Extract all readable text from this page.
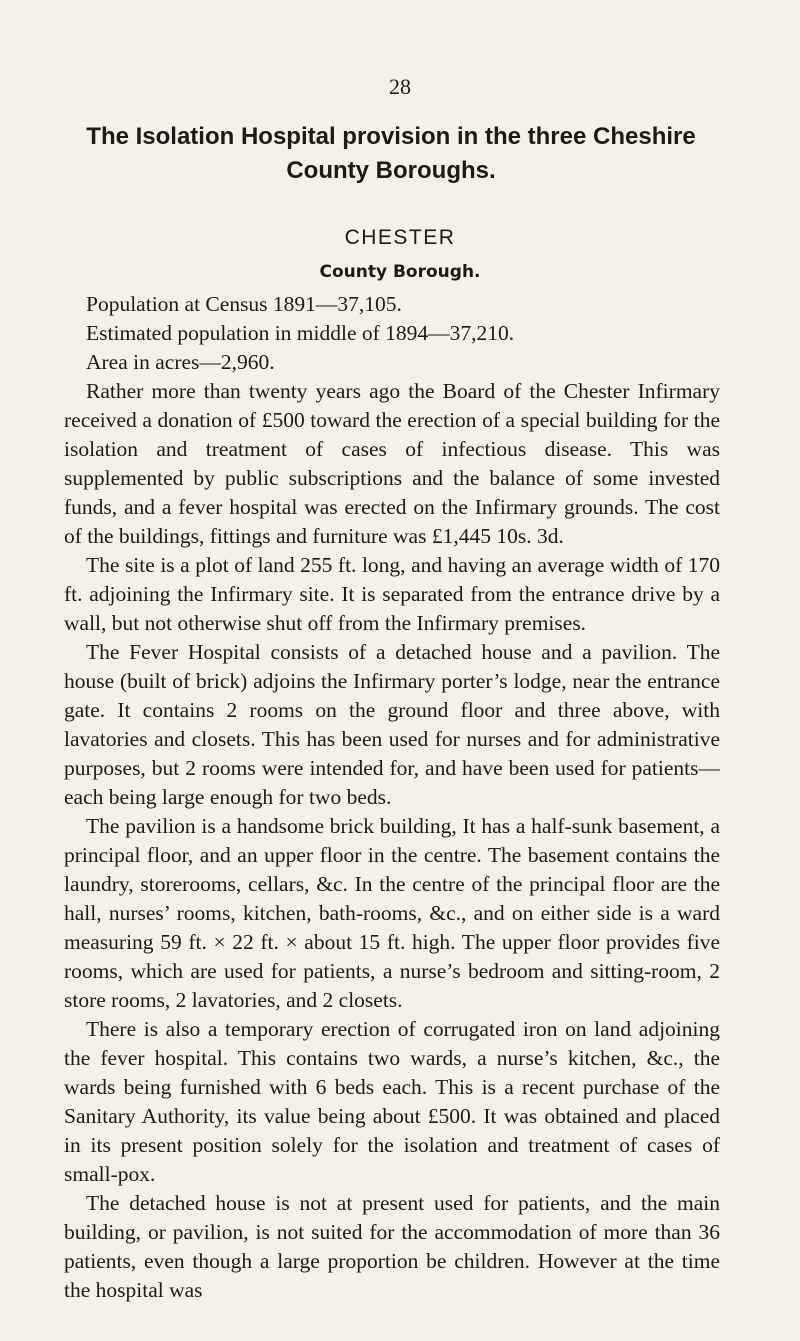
28
The Isolation Hospital provision in the three Cheshire County Boroughs.
CHESTER
County Borough.
Population at Census 1891—37,105.
Estimated population in middle of 1894—37,210.
Area in acres—2,960.

Rather more than twenty years ago the Board of the Chester Infirmary received a donation of £500 toward the erection of a special building for the isolation and treatment of cases of infectious disease. This was supplemented by public subscriptions and the balance of some invested funds, and a fever hospital was erected on the Infirmary grounds. The cost of the buildings, fittings and furniture was £1,445 10s. 3d.

The site is a plot of land 255 ft. long, and having an average width of 170 ft. adjoining the Infirmary site. It is separated from the entrance drive by a wall, but not otherwise shut off from the Infirmary premises.

The Fever Hospital consists of a detached house and a pavilion. The house (built of brick) adjoins the Infirmary porter’s lodge, near the entrance gate. It contains 2 rooms on the ground floor and three above, with lavatories and closets. This has been used for nurses and for administrative purposes, but 2 rooms were intended for, and have been used for patients— each being large enough for two beds.

The pavilion is a handsome brick building, It has a half-sunk basement, a principal floor, and an upper floor in the centre. The basement contains the laundry, storerooms, cellars, &c. In the centre of the principal floor are the hall, nurses’ rooms, kitchen, bath-rooms, &c., and on either side is a ward measuring 59 ft. × 22 ft. × about 15 ft. high. The upper floor provides five rooms, which are used for patients, a nurse’s bedroom and sitting-room, 2 store rooms, 2 lavatories, and 2 closets.

There is also a temporary erection of corrugated iron on land adjoining the fever hospital. This contains two wards, a nurse’s kitchen, &c., the wards being furnished with 6 beds each. This is a recent purchase of the Sanitary Authority, its value being about £500. It was obtained and placed in its present position solely for the isolation and treatment of cases of small-pox.

The detached house is not at present used for patients, and the main building, or pavilion, is not suited for the accommodation of more than 36 patients, even though a large proportion be children. However at the time the hospital was
